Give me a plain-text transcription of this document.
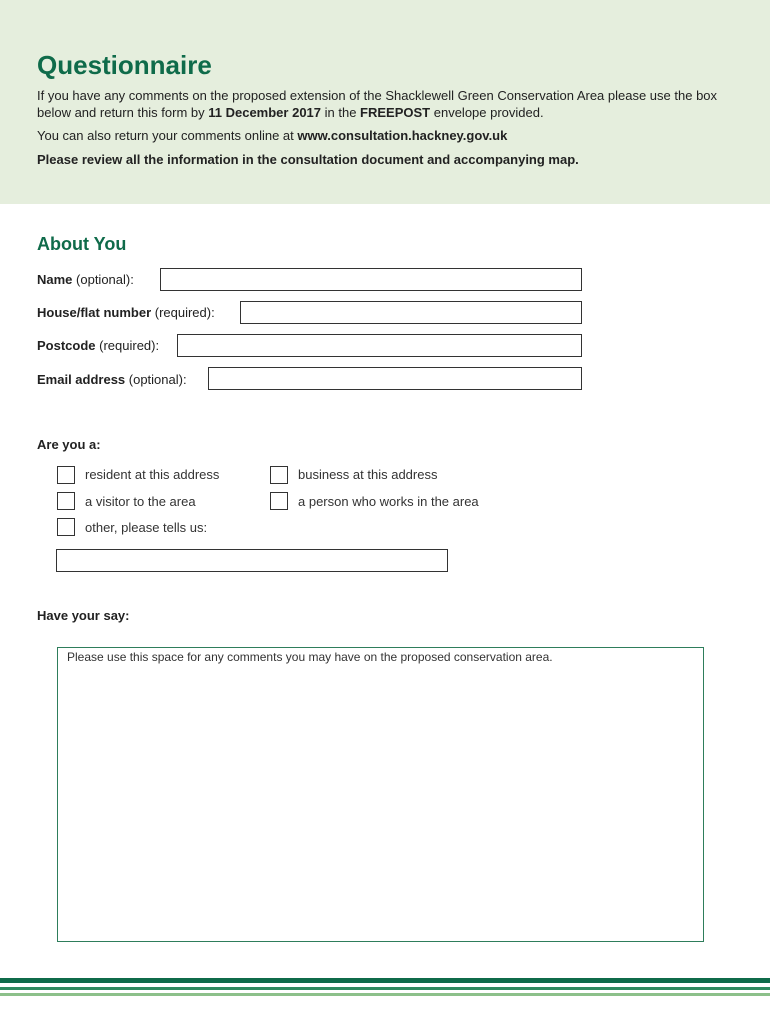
Questionnaire
If you have any comments on the proposed extension of the Shacklewell Green Conservation Area please use the box below and return this form by 11 December 2017 in the FREEPOST envelope provided.
You can also return your comments online at www.consultation.hackney.gov.uk
Please review all the information in the consultation document and accompanying map.
About You
Name (optional):
House/flat number (required):
Postcode (required):
Email address (optional):
Are you a:
resident at this address	business at this address
a visitor to the area	a person who works in the area
other, please tells us:
Have your say:
Please use this space for any comments you may have on the proposed conservation area.
